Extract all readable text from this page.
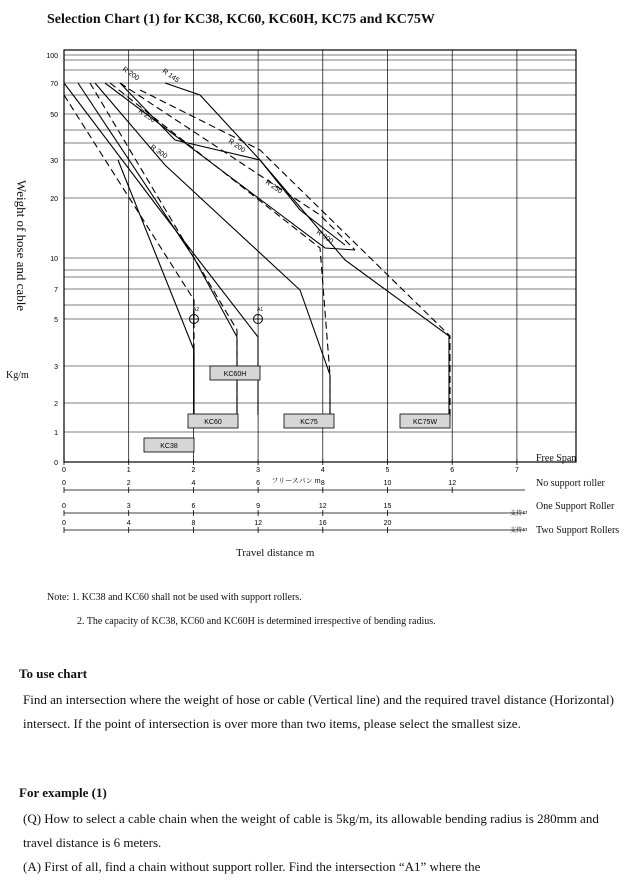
Selection Chart (1) for KC38, KC60, KC60H, KC75 and KC75W
Weight of hose and cable
Kg/m
R 200	R 145
R 250
R 200
R 300
R 250
R 300
A2	A1
KC38
KC60
KC60H
KC75	KC75W
0
1
2
3
5
7
10
20
30
50
70
100
0	1	2	3	4	5	6	7
0	2	4	6	8	10	12
0	3	6	9	12	15
0	4	8	12	16	20
フリースパン m
支持ロ
支持ロ
Free Span
No support roller
One Support Roller
Two Support Rollers
Travel distance m
Note: 1. KC38 and KC60 shall not be used with support rollers.
2. The capacity of KC38, KC60 and KC60H is determined irrespective of bending radius.
To use chart

Find an intersection where the weight of hose or cable (Vertical line) and the required travel distance (Horizontal) intersect. If the point of intersection is over more than two items, please select the smallest size.

For example (1)

(Q) How to select a cable chain when the weight of cable is 5kg/m, its allowable bending radius is 280mm and travel distance is 6 meters.

(A) First of all, find a chain without support roller. Find the intersection “A1” where the
